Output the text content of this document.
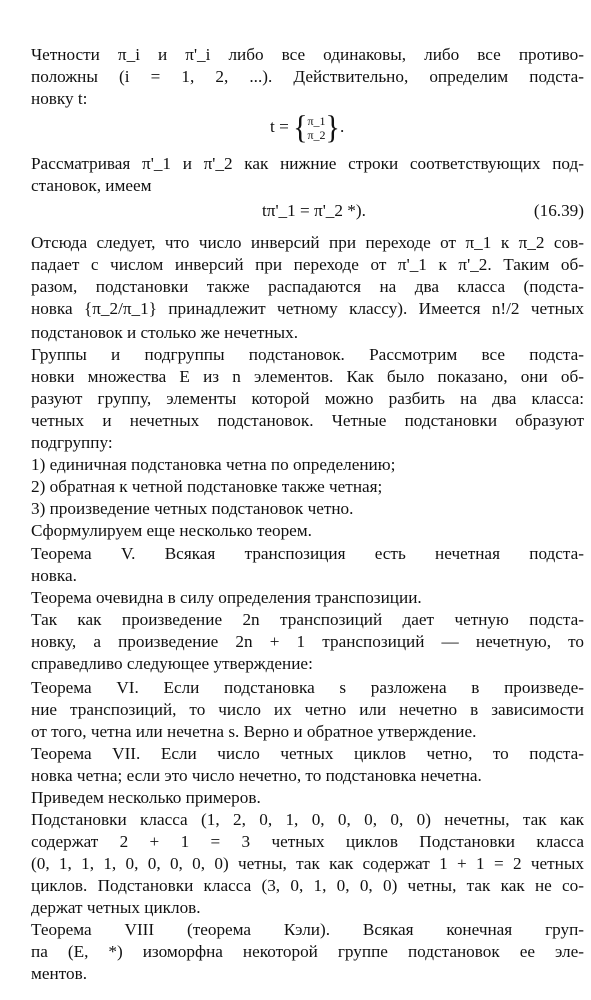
Четности π_i и π'_i либо все одинаковы, либо все противо-
положны (i = 1, 2, ...). Действительно, определим подста-
новку t:
t = { π_1
π_2 }.
Рассматривая π'_1 и π'_2 как нижние строки соответствующих под-
становок, имеем
tπ'_1 = π'_2 *).	(16.39)
Отсюда следует, что число инверсий при переходе от π_1 к π_2 сов-
падает с числом инверсий при переходе от π'_1 к π'_2. Таким об-
разом, подстановки также распадаются на два класса (подста-
новка {π_2/π_1} принадлежит четному классу). Имеется n!/2 четных
подстановок и столько же нечетных.
Группы и подгруппы подстановок. Рассмотрим все подста-
новки множества E из n элементов. Как было показано, они об-
разуют группу, элементы которой можно разбить на два класса:
четных и нечетных подстановок. Четные подстановки образуют
подгруппу:
1) единичная подстановка четна по определению;
2) обратная к четной подстановке также четная;
3) произведение четных подстановок четно.
Сформулируем еще несколько теорем.
Теорема V. Всякая транспозиция есть нечетная подста-
новка.
Теорема очевидна в силу определения транспозиции.
Так как произведение 2n транспозиций дает четную подста-
новку, а произведение 2n + 1 транспозиций — нечетную, то
справедливо следующее утверждение:
Теорема VI. Если подстановка s разложена в произведе-
ние транспозиций, то число их четно или нечетно в зависимости
от того, четна или нечетна s. Верно и обратное утверждение.
Теорема VII. Если число четных циклов четно, то подста-
новка четна; если это число нечетно, то подстановка нечетна.
Приведем несколько примеров.
Подстановки класса (1, 2, 0, 1, 0, 0, 0, 0, 0) нечетны, так как
содержат 2 + 1 = 3 четных циклов Подстановки класса
(0, 1, 1, 1, 0, 0, 0, 0, 0) четны, так как содержат 1 + 1 = 2 четных
циклов. Подстановки класса (3, 0, 1, 0, 0, 0) четны, так как не со-
держат четных циклов.
Теорема VIII (теорема Кэли). Всякая конечная груп-
па (E, *) изоморфна некоторой группе подстановок ее эле-
ментов.
